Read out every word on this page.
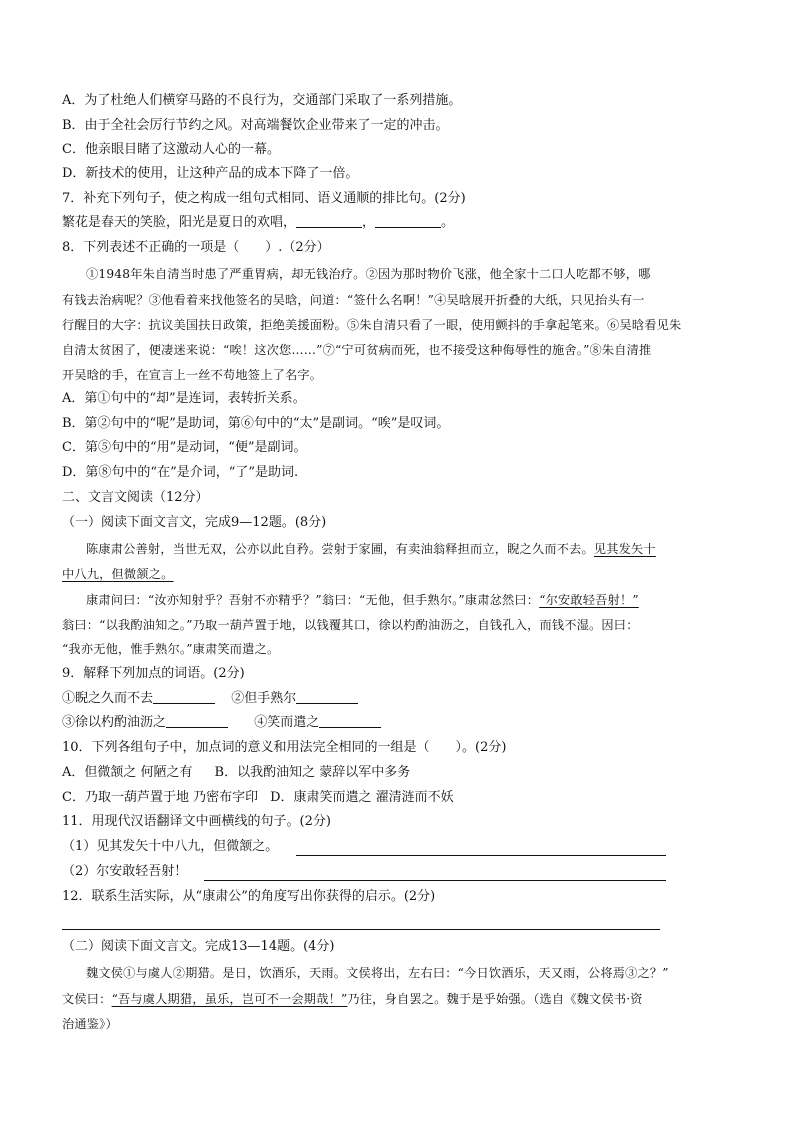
A．为了杜绝人们横穿马路的不良行为，交通部门采取了一系列措施。
B．由于全社会厉行节约之风。对高端餐饮企业带来了一定的冲击。
C．他亲眼目睹了这激动人心的一幕。
D．新技术的使用，让这种产品的成本下降了一倍。
7．补充下列句子，使之构成一组句式相同、语义通顺的排比句。(2分)
繁花是春天的笑脸，阳光是夏日的欢唱，	，	。
8．下列表述不正确的一项是（　　）.（2分）
①1948年朱自清当时患了严重胃病，却无钱治疗。②因为那时物价飞涨，他全家十二口人吃都不够，哪
有钱去治病呢？③他看着来找他签名的吴晗，问道：“签什么名啊！”④吴晗展开折叠的大纸，只见抬头有一
行醒目的大字：抗议美国扶日政策，拒绝美援面粉。⑤朱自清只看了一眼，使用颤抖的手拿起笔来。⑥吴晗看见朱
自清太贫困了，便凄迷来说：“唉！这次您……”⑦“宁可贫病而死，也不接受这种侮辱性的施舍。”⑧朱自清推
开吴晗的手，在宣言上一丝不苟地签上了名字。
A．第①句中的“却”是连词，表转折关系。
B．第②句中的“呢”是助词，第⑥句中的“太”是副词。“唉”是叹词。
C．第⑤句中的“用”是动词，“便”是副词。
D．第⑧句中的“在”是介词，“了”是助词.
二、文言文阅读（12分）
（一）阅读下面文言文，完成9—12题。(8分)
陈康肃公善射，当世无双，公亦以此自矜。尝射于家圃，有卖油翁释担而立，睨之久而不去。见其发矢十
中八九，但微颔之。
康肃问曰：“汝亦知射乎？吾射不亦精乎？”翁曰：“无他，但手熟尔。”康肃忿然曰：“尔安敢轻吾射！”
翁曰：“以我酌油知之。”乃取一葫芦置于地，以钱覆其口，徐以杓酌油沥之，自钱孔入，而钱不湿。因曰：
“我亦无他，惟手熟尔。”康肃笑而遣之。
9．解释下列加点的词语。(2分)
①睨之久而不去	②但手熟尔
③徐以杓酌油沥之	④笑而遣之
10．下列各组句子中，加点词的意义和用法完全相同的一组是（　　）。(2分)
A．但微颔之 何陋之有 B．以我酌油知之 蒙辞以军中多务
C．乃取一葫芦置于地 乃密布字印 D．康肃笑而遣之 濯清涟而不妖
11．用现代汉语翻译文中画横线的句子。(2分)
（1）见其发矢十中八九，但微颔之。
（2）尔安敢轻吾射！
12．联系生活实际，从“康肃公”的角度写出你获得的启示。(2分)
（二）阅读下面文言文。完成13—14题。(4分)
魏文侯①与虞人②期猎。是日，饮酒乐，天雨。文侯将出，左右曰：“今日饮酒乐，天又雨，公将焉③之？”
文侯曰：“吾与虞人期猎，虽乐，岂可不一会期哉！”乃往，身自罢之。魏于是乎始强。（选自《魏文侯书·资
治通鉴》）
